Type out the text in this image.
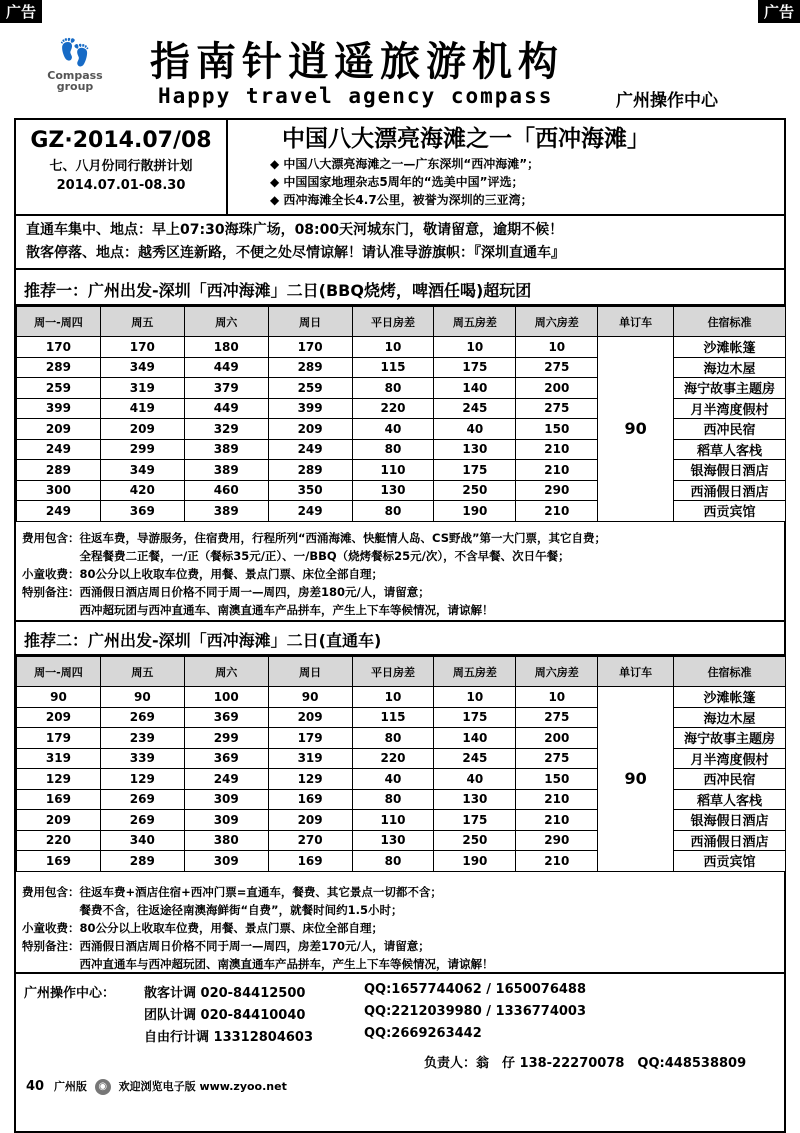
广告	广告
👣
Compass group
指南针逍遥旅游机构
Happy travel agency compass	广州操作中心
GZ·2014.07/08
七、八月份同行散拼计划
2014.07.01-08.30
中国八大漂亮海滩之一「西冲海滩」
◆ 中国八大漂亮海滩之一—广东深圳“西冲海滩”；
◆ 中国国家地理杂志5周年的“选美中国”评选；
◆ 西冲海滩全长4.7公里，被誉为深圳的三亚湾；
直通车集中、地点：早上07:30海珠广场，08:00天河城东门，敬请留意，逾期不候！
散客停落、地点：越秀区连新路，不便之处尽情谅解！请认准导游旗帜：『深圳直通车』
推荐一：广州出发-深圳「西冲海滩」二日(BBQ烧烤，啤酒任喝)超玩团
周一-周四	周五	周六	周日	平日房差	周五房差	周六房差	单订车	住宿标准
170	170	180	170	10	10	10	90	沙滩帐篷
289	349	449	289	115	175	275		海边木屋
259	319	379	259	80	140	200		海宁故事主题房
399	419	449	399	220	245	275		月半湾度假村
209	209	329	209	40	40	150		西冲民宿
249	299	389	249	80	130	210		稻草人客栈
289	349	389	289	110	175	210		银海假日酒店
300	420	460	350	130	250	290		西涌假日酒店
249	369	389	249	80	190	210		西贡宾馆
费用包含：往返车费，导游服务，住宿费用，行程所列“西涌海滩、快艇情人岛、CS野战”第一大门票，其它自费；
　　　　　全程餐费二正餐，一/正（餐标35元/正）、一/BBQ（烧烤餐标25元/次），不含早餐、次日午餐；
小童收费：80公分以上收取车位费，用餐、景点门票、床位全部自理；
特别备注：西涌假日酒店周日价格不同于周一—周四，房差180元/人，请留意；
　　　　　西冲超玩团与西冲直通车、南澳直通车产品拼车，产生上下车等候情况，请谅解！
推荐二：广州出发-深圳「西冲海滩」二日(直通车)
周一-周四	周五	周六	周日	平日房差	周五房差	周六房差	单订车	住宿标准
90	90	100	90	10	10	10	90	沙滩帐篷
209	269	369	209	115	175	275		海边木屋
179	239	299	179	80	140	200		海宁故事主题房
319	339	369	319	220	245	275		月半湾度假村
129	129	249	129	40	40	150		西冲民宿
169	269	309	169	80	130	210		稻草人客栈
209	269	309	209	110	175	210		银海假日酒店
220	340	380	270	130	250	290		西涌假日酒店
169	289	309	169	80	190	210		西贡宾馆
费用包含：往返车费+酒店住宿+西冲门票=直通车，餐费、其它景点一切都不含；
　　　　　餐费不含，往返途径南澳海鲜街“自费”，就餐时间约1.5小时；
小童收费：80公分以上收取车位费，用餐、景点门票、床位全部自理；
特别备注：西涌假日酒店周日价格不同于周一—周四，房差170元/人，请留意；
　　　　　西冲直通车与西冲超玩团、南澳直通车产品拼车，产生上下车等候情况，请谅解！
广州操作中心： 散客计调 020-84412500	QQ:1657744062 / 1650076488
团队计调 020-84410040	QQ:2212039980 / 1336774003
自由行计调 13312804603	QQ:2669263442
负责人：翁　仔 138-22270078　QQ:448538809
40 广州版 ◉ 欢迎浏览电子版 www.zyoo.net
